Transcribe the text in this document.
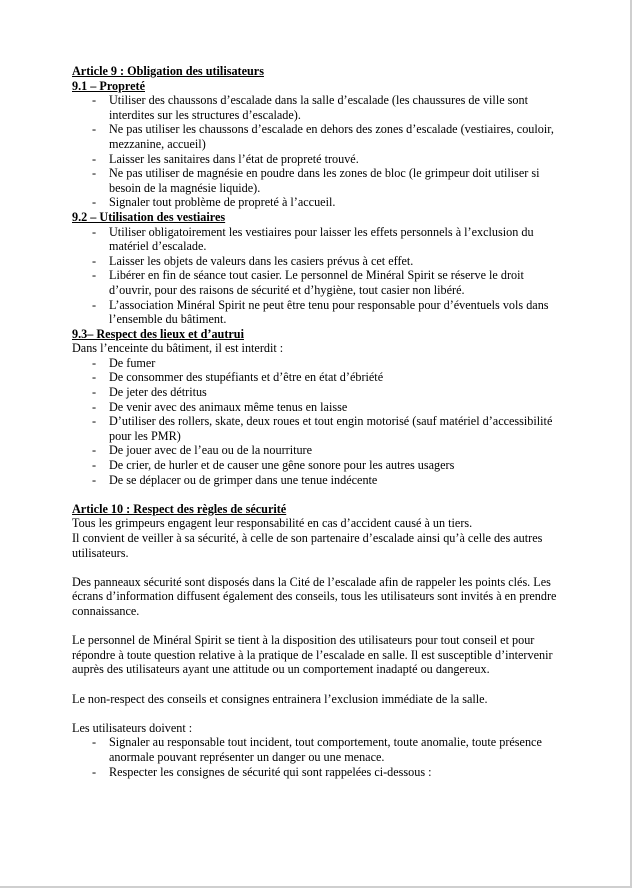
Article 9 : Obligation des utilisateurs
9.1 – Propreté
- Utiliser des chaussons d’escalade dans la salle d’escalade (les chaussures de ville sont interdites sur les structures d’escalade).
- Ne pas utiliser les chaussons d’escalade en dehors des zones d’escalade (vestiaires, couloir, mezzanine, accueil)
- Laisser les sanitaires dans l’état de propreté trouvé.
- Ne pas utiliser de magnésie en poudre dans les zones de bloc (le grimpeur doit utiliser si besoin de la magnésie liquide).
- Signaler tout problème de propreté à l’accueil.
9.2 – Utilisation des vestiaires
- Utiliser obligatoirement les vestiaires pour laisser les effets personnels à l’exclusion du matériel d’escalade.
- Laisser les objets de valeurs dans les casiers prévus à cet effet.
- Libérer en fin de séance tout casier. Le personnel de Minéral Spirit se réserve le droit d’ouvrir, pour des raisons de sécurité et d’hygiène, tout casier non libéré.
- L’association Minéral Spirit ne peut être tenu pour responsable pour d’éventuels vols dans l’ensemble du bâtiment.
9.3– Respect des lieux et d’autrui
Dans l’enceinte du bâtiment, il est interdit :
- De fumer
- De consommer des stupéfiants et d’être en état d’ébriété
- De jeter des détritus
- De venir avec des animaux même tenus en laisse
- D’utiliser des rollers, skate, deux roues et tout engin motorisé (sauf matériel d’accessibilité pour les PMR)
- De jouer avec de l’eau ou de la nourriture
- De crier, de hurler et de causer une gêne sonore pour les autres usagers
- De se déplacer ou de grimper dans une tenue indécente
Article 10 : Respect des règles de sécurité
Tous les grimpeurs engagent leur responsabilité en cas d’accident causé à un tiers.
Il convient de veiller à sa sécurité, à celle de son partenaire d’escalade ainsi qu’à celle des autres utilisateurs.
Des panneaux sécurité sont disposés dans la Cité de l’escalade afin de rappeler les points clés. Les écrans d’information diffusent également des conseils, tous les utilisateurs sont invités à en prendre connaissance.
Le personnel de Minéral Spirit se tient à la disposition des utilisateurs pour tout conseil et pour répondre à toute question relative à la pratique de l’escalade en salle. Il est susceptible d’intervenir auprès des utilisateurs ayant une attitude ou un comportement inadapté ou dangereux.
Le non-respect des conseils et consignes entrainera l’exclusion immédiate de la salle.
Les utilisateurs doivent :
- Signaler au responsable tout incident, tout comportement, toute anomalie, toute présence anormale pouvant représenter un danger ou une menace.
- Respecter les consignes de sécurité qui sont rappelées ci-dessous :
